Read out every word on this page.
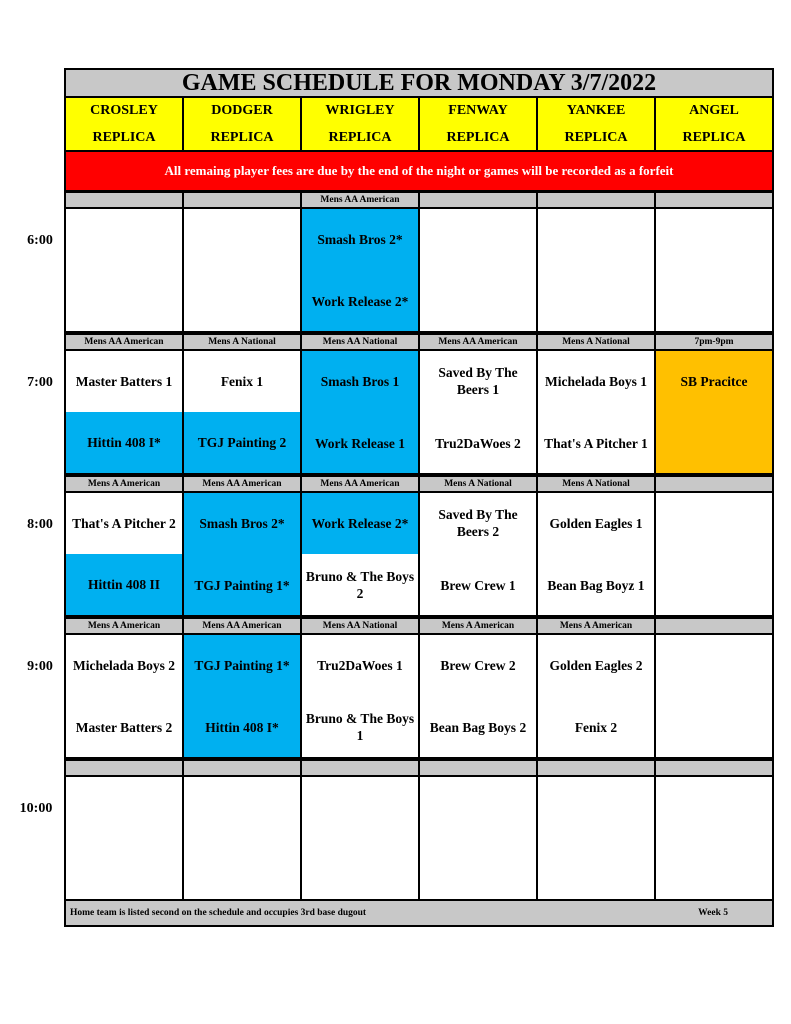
GAME SCHEDULE FOR MONDAY 3/7/2022
CROSLEY
REPLICA
DODGER
REPLICA
WRIGLEY
REPLICA
FENWAY
REPLICA
YANKEE
REPLICA
ANGEL
REPLICA
All remaing player fees are due by the end of the night or games will be recorded as a forfeit
Mens AA American
Smash Bros 2*
Work Release 2*
Mens AA American
Master Batters 1
Hittin 408 I*
Mens A National
Fenix 1
TGJ Painting 2
Mens AA National
Smash Bros 1
Work Release 1
Mens AA American
Saved By The Beers 1
Tru2DaWoes 2
Mens A National
Michelada Boys 1
That's A Pitcher 1
7pm-9pm
SB Pracitce
Mens A American
That's A Pitcher 2
Hittin 408 II
Mens AA American
Smash Bros 2*
TGJ Painting 1*
Mens AA American
Work Release 2*
Bruno & The Boys 2
Mens A National
Saved By The Beers 2
Brew Crew 1
Mens A National
Golden Eagles 1
Bean Bag Boyz 1
Mens A American
Michelada Boys 2
Master Batters 2
Mens AA American
TGJ Painting 1*
Hittin 408 I*
Mens AA National
Tru2DaWoes 1
Bruno & The Boys 1
Mens A American
Brew Crew 2
Bean Bag Boys 2
Mens A American
Golden Eagles 2
Fenix 2
Home team is listed second on the schedule and occupies 3rd base dugout	Week 5
6:00
7:00
8:00
9:00
10:00
